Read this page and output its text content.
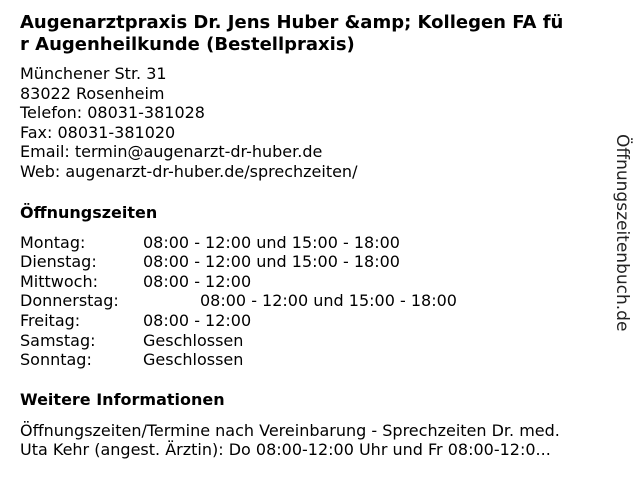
Augenarztpraxis Dr. Jens Huber &amp; Kollegen FA fü
r Augenheilkunde (Bestellpraxis)
Münchener Str. 31
83022 Rosenheim
Telefon: 08031-381028
Fax: 08031-381020
Email: termin@augenarzt-dr-huber.de
Web: augenarzt-dr-huber.de/sprechzeiten/
Öffnungszeiten
Montag:	08:00 - 12:00 und 15:00 - 18:00
Dienstag:	08:00 - 12:00 und 15:00 - 18:00
Mittwoch:	08:00 - 12:00
Donnerstag:	08:00 - 12:00 und 15:00 - 18:00
Freitag:	08:00 - 12:00
Samstag:	Geschlossen
Sonntag:	Geschlossen
Weitere Informationen
Öffnungszeiten/Termine nach Vereinbarung - Sprechzeiten Dr. med.
Uta Kehr (angest. Ärztin): Do 08:00-12:00 Uhr und Fr 08:00-12:0...
Öffnungszeitenbuch.de
